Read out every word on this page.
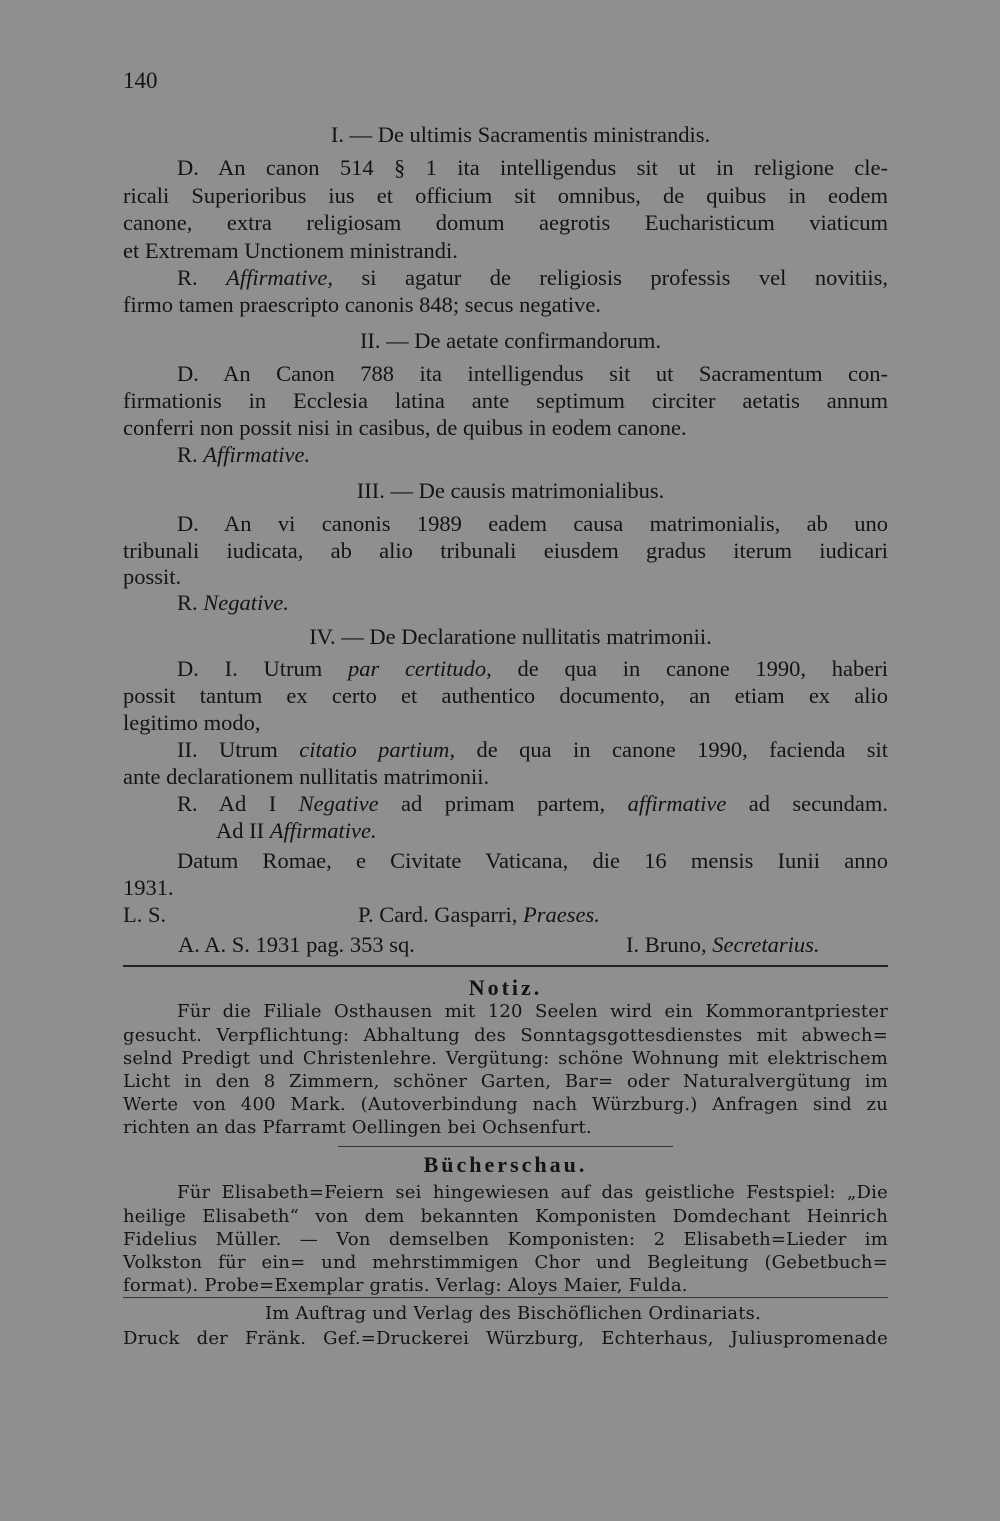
140
I. — De ultimis Sacramentis ministrandis.
D. An canon 514 § 1 ita intelligendus sit ut in religione cle-
ricali Superioribus ius et officium sit omnibus, de quibus in eodem
canone, extra religiosam domum aegrotis Eucharisticum viaticum
et Extremam Unctionem ministrandi.
R. Affirmative, si agatur de religiosis professis vel novitiis,
firmo tamen praescripto canonis 848; secus negative.
II. — De aetate confirmandorum.
D. An Canon 788 ita intelligendus sit ut Sacramentum con-
firmationis in Ecclesia latina ante septimum circiter aetatis annum
conferri non possit nisi in casibus, de quibus in eodem canone.
R. Affirmative.
III. — De causis matrimonialibus.
D. An vi canonis 1989 eadem causa matrimonialis, ab uno
tribunali iudicata, ab alio tribunali eiusdem gradus iterum iudicari
possit.
R. Negative.
IV. — De Declaratione nullitatis matrimonii.
D. I. Utrum par certitudo, de qua in canone 1990, haberi
possit tantum ex certo et authentico documento, an etiam ex alio
legitimo modo,
II. Utrum citatio partium, de qua in canone 1990, facienda sit
ante declarationem nullitatis matrimonii.
R. Ad I Negative ad primam partem, affirmative ad secundam.
Ad II Affirmative.
Datum Romae, e Civitate Vaticana, die 16 mensis Iunii anno
1931.
L. S.	P. Card. Gasparri, Praeses.
A. A. S. 1931 pag. 353 sq.	I. Bruno, Secretarius.
Notiz.
Für die Filiale Osthausen mit 120 Seelen wird ein Kommorantpriester
gesucht. Verpflichtung: Abhaltung des Sonntagsgottesdienstes mit abwech=
selnd Predigt und Christenlehre. Vergütung: schöne Wohnung mit elektrischem
Licht in den 8 Zimmern, schöner Garten, Bar= oder Naturalvergütung im
Werte von 400 Mark. (Autoverbindung nach Würzburg.) Anfragen sind zu
richten an das Pfarramt Oellingen bei Ochsenfurt.
Bücherschau.
Für Elisabeth=Feiern sei hingewiesen auf das geistliche Festspiel: „Die
heilige Elisabeth“ von dem bekannten Komponisten Domdechant Heinrich
Fidelius Müller. — Von demselben Komponisten: 2 Elisabeth=Lieder im
Volkston für ein= und mehrstimmigen Chor und Begleitung (Gebetbuch=
format). Probe=Exemplar gratis. Verlag: Aloys Maier, Fulda.
Im Auftrag und Verlag des Bischöflichen Ordinariats.
Druck der Fränk. Gef.=Druckerei Würzburg, Echterhaus, Juliuspromenade
